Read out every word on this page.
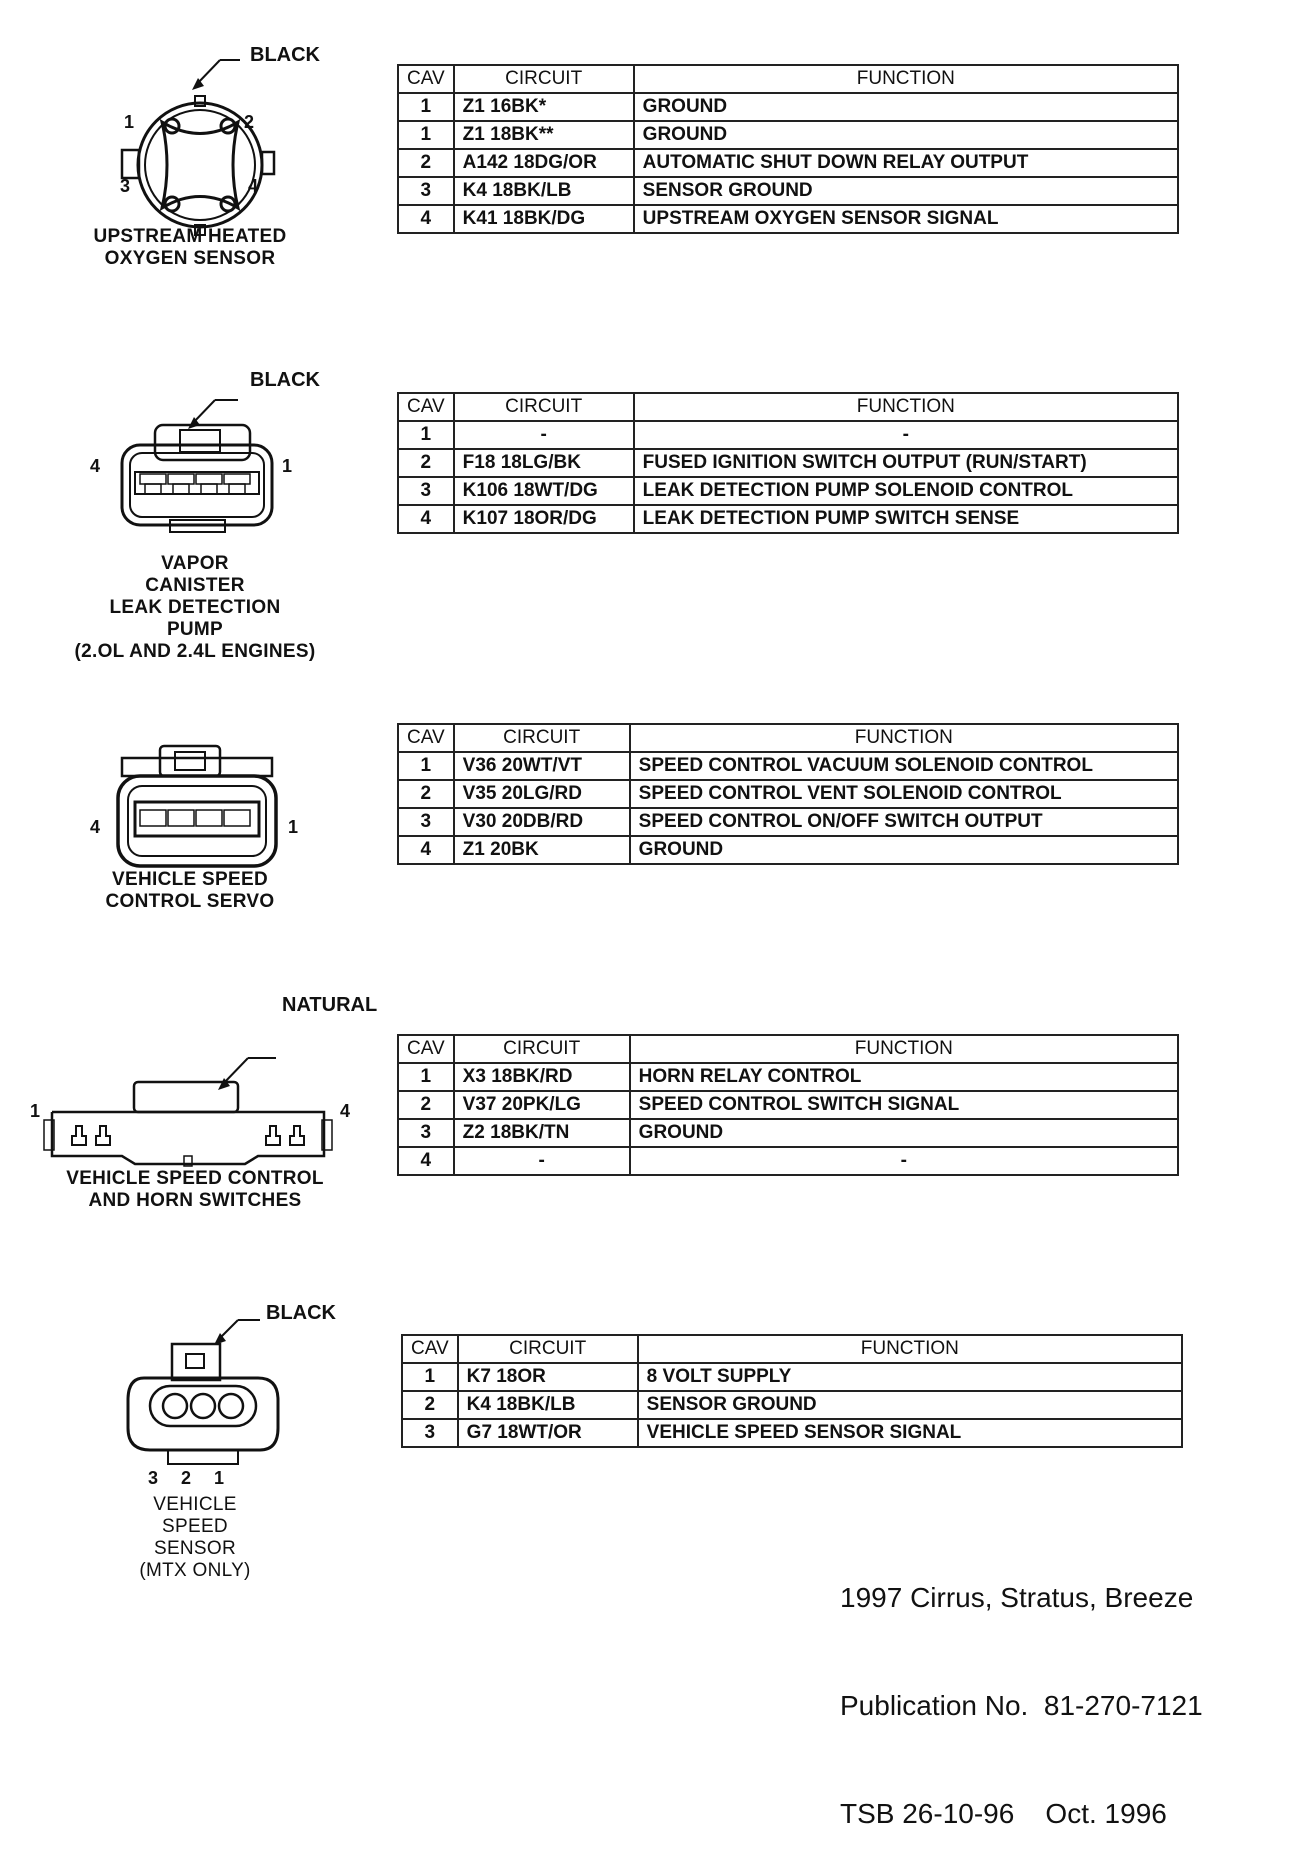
BLACK
1	2
3	4
UPSTREAM HEATED
OXYGEN SENSOR
CAV	CIRCUIT	FUNCTION
1	Z1 16BK*	GROUND
1	Z1 18BK**	GROUND
2	A142 18DG/OR	AUTOMATIC SHUT DOWN RELAY OUTPUT
3	K4 18BK/LB	SENSOR GROUND
4	K41 18BK/DG	UPSTREAM OXYGEN SENSOR SIGNAL
BLACK
4	1
VAPOR
CANISTER
LEAK DETECTION
PUMP
(2.OL AND 2.4L ENGINES)
CAV	CIRCUIT	FUNCTION
1	-	-
2	F18 18LG/BK	FUSED IGNITION SWITCH OUTPUT (RUN/START)
3	K106 18WT/DG	LEAK DETECTION PUMP SOLENOID CONTROL
4	K107 18OR/DG	LEAK DETECTION PUMP SWITCH SENSE
4	1
VEHICLE SPEED
CONTROL SERVO
CAV	CIRCUIT	FUNCTION
1	V36 20WT/VT	SPEED CONTROL VACUUM SOLENOID CONTROL
2	V35 20LG/RD	SPEED CONTROL VENT SOLENOID CONTROL
3	V30 20DB/RD	SPEED CONTROL ON/OFF SWITCH OUTPUT
4	Z1 20BK	GROUND
NATURAL
1	4
VEHICLE SPEED CONTROL
AND HORN SWITCHES
CAV	CIRCUIT	FUNCTION
1	X3 18BK/RD	HORN RELAY CONTROL
2	V37 20PK/LG	SPEED CONTROL SWITCH SIGNAL
3	Z2 18BK/TN	GROUND
4	-	-
BLACK
3 2 1
VEHICLE
SPEED
SENSOR
(MTX ONLY)
CAV	CIRCUIT	FUNCTION
1	K7 18OR	8 VOLT SUPPLY
2	K4 18BK/LB	SENSOR GROUND
3	G7 18WT/OR	VEHICLE SPEED SENSOR SIGNAL

1997 Cirrus, Stratus, Breeze

Publication No.  81-270-7121

TSB 26-10-96    Oct. 1996
